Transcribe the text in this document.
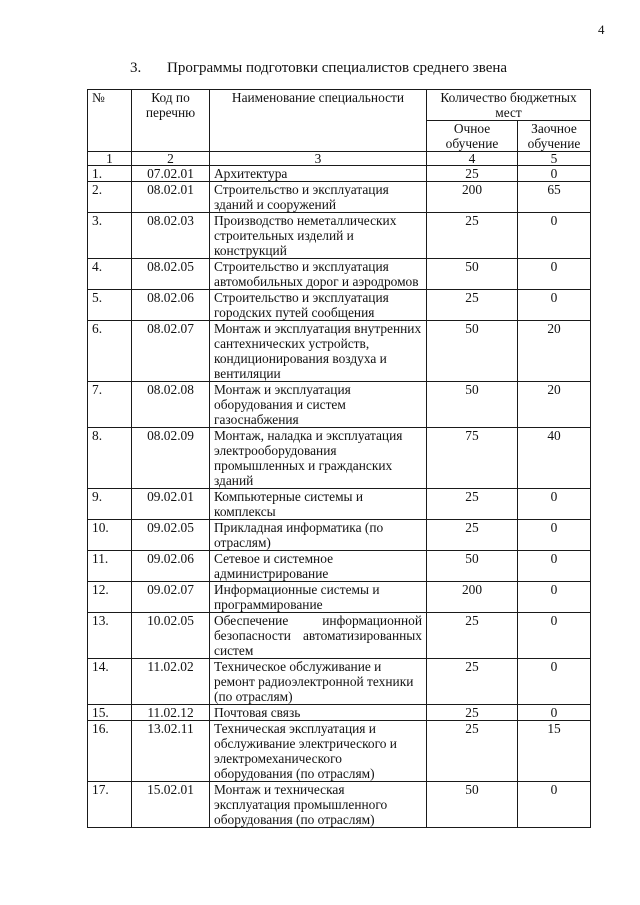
4
3. Программы подготовки специалистов среднего звена
№	Код по перечню	Наименование специальности	Количество бюджетных мест	
			Очное обучение	Заочное обучение
1	2	3	4	5
1.	07.02.01	Архитектура	25	0
2.	08.02.01	Строительство и эксплуатация зданий и сооружений	200	65
3.	08.02.03	Производство неметаллических строительных изделий и конструкций	25	0
4.	08.02.05	Строительство и эксплуатация автомобильных дорог и аэродромов	50	0
5.	08.02.06	Строительство и эксплуатация городских путей сообщения	25	0
6.	08.02.07	Монтаж и эксплуатация внутренних сантехнических устройств, кондиционирования воздуха и вентиляции	50	20
7.	08.02.08	Монтаж и эксплуатация оборудования и систем газоснабжения	50	20
8.	08.02.09	Монтаж, наладка и эксплуатация электрооборудования промышленных и гражданских зданий	75	40
9.	09.02.01	Компьютерные системы и комплексы	25	0
10.	09.02.05	Прикладная информатика (по отраслям)	25	0
11.	09.02.06	Сетевое и системное администрирование	50	0
12.	09.02.07	Информационные системы и программирование	200	0
13.	10.02.05	Обеспечение информационной безопасности автоматизированных систем	25	0
14.	11.02.02	Техническое обслуживание и ремонт радиоэлектронной техники (по отраслям)	25	0
15.	11.02.12	Почтовая связь	25	0
16.	13.02.11	Техническая эксплуатация и обслуживание электрического и электромеханического оборудования (по отраслям)	25	15
17.	15.02.01	Монтаж и техническая эксплуатация промышленного оборудования (по отраслям)	50	0
